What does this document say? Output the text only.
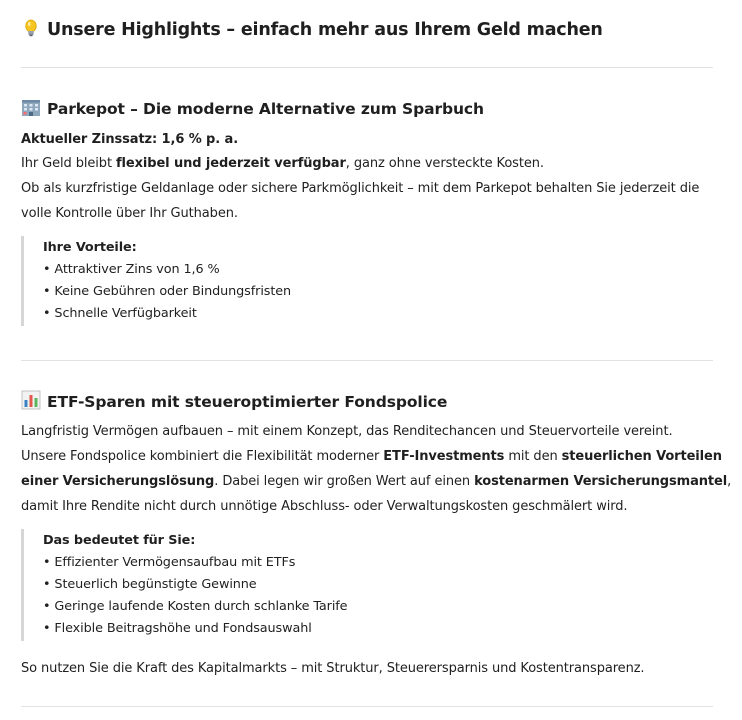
Unsere Highlights – einfach mehr aus Ihrem Geld machen
Parkepot – Die moderne Alternative zum Sparbuch
Aktueller Zinssatz: 1,6 % p. a.
Ihr Geld bleibt flexibel und jederzeit verfügbar, ganz ohne versteckte Kosten.
Ob als kurzfristige Geldanlage oder sichere Parkmöglichkeit – mit dem Parkepot behalten Sie jederzeit die
volle Kontrolle über Ihr Guthaben.
Ihre Vorteile:
• Attraktiver Zins von 1,6 %
• Keine Gebühren oder Bindungsfristen
• Schnelle Verfügbarkeit
ETF-Sparen mit steueroptimierter Fondspolice
Langfristig Vermögen aufbauen – mit einem Konzept, das Renditechancen und Steuervorteile vereint.
Unsere Fondspolice kombiniert die Flexibilität moderner ETF-Investments mit den steuerlichen Vorteilen
einer Versicherungslösung. Dabei legen wir großen Wert auf einen kostenarmen Versicherungsmantel,
damit Ihre Rendite nicht durch unnötige Abschluss- oder Verwaltungskosten geschmälert wird.
Das bedeutet für Sie:
• Effizienter Vermögensaufbau mit ETFs
• Steuerlich begünstigte Gewinne
• Geringe laufende Kosten durch schlanke Tarife
• Flexible Beitragshöhe und Fondsauswahl
So nutzen Sie die Kraft des Kapitalmarkts – mit Struktur, Steuerersparnis und Kostentransparenz.
